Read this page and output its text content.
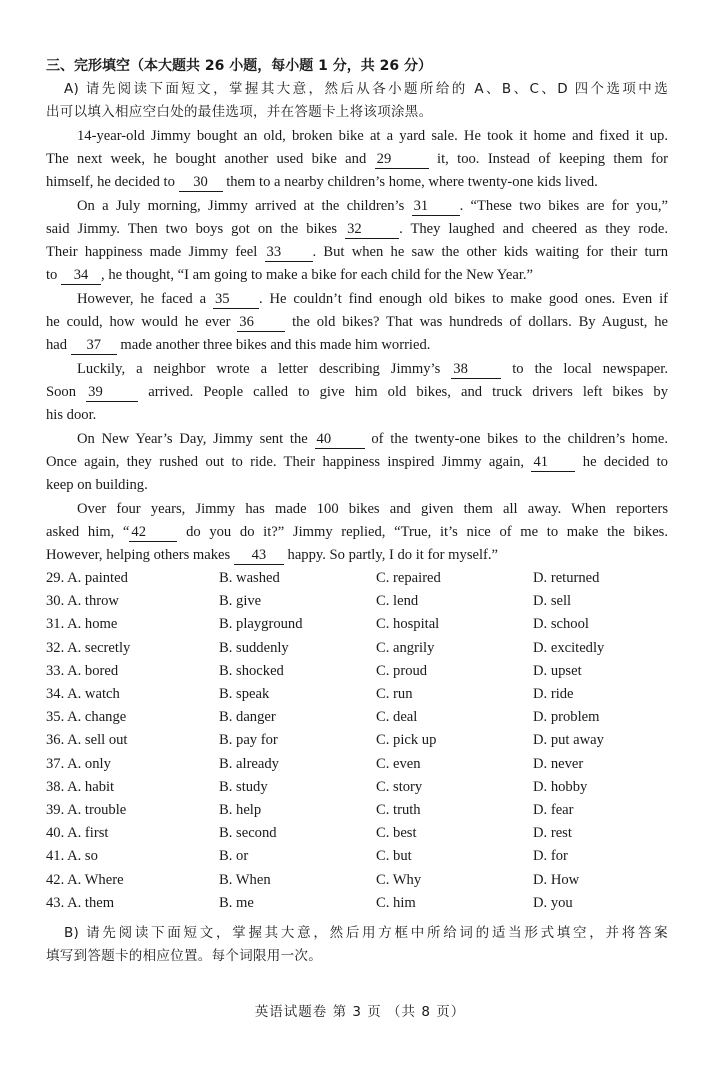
三、完形填空（本大题共 26 小题，每小题 1 分，共 26 分）
A) 请先阅读下面短文，掌握其大意，然后从各小题所给的 A、B、C、D 四个选项中选
出可以填入相应空白处的最佳选项，并在答题卡上将该项涂黑。
14-year-old Jimmy bought an old, broken bike at a yard sale. He took it home and fixed it up.
The next week, he bought another used bike and 29	it, too. Instead of keeping them for
himself, he decided to 30 them to a nearby children’s home, where twenty-one kids lived.
On a July morning, Jimmy arrived at the children’s 31 . “These two bikes are for you,”
said Jimmy. Then two boys got on the bikes 32	. They laughed and cheered as they rode.
Their happiness made Jimmy feel 33 . But when he saw the other kids waiting for their turn
to 34 , he thought, “I am going to make a bike for each child for the New Year.”
However, he faced a 35 . He couldn’t find enough old bikes to make good ones. Even if
he could, how would he ever 36	the old bikes? That was hundreds of dollars. By August, he
had 37 made another three bikes and this made him worried.
Luckily, a neighbor wrote a letter describing Jimmy’s 38	to the local newspaper.
Soon 39	arrived. People called to give him old bikes, and truck drivers left bikes by
his door.
On New Year’s Day, Jimmy sent the 40	of the twenty-one bikes to the children’s home.
Once again, they rushed out to ride. Their happiness inspired Jimmy again, 41 he decided to
keep on building.
Over four years, Jimmy has made 100 bikes and given them all away. When reporters
asked him, “ 42	do you do it?” Jimmy replied, “True, it’s nice of me to make the bikes.
However, helping others makes 43 happy. So partly, I do it for myself.”
29. A. painted	B. washed	C. repaired	D. returned
30. A. throw	B. give	C. lend	D. sell
31. A. home	B. playground	C. hospital	D. school
32. A. secretly	B. suddenly	C. angrily	D. excitedly
33. A. bored	B. shocked	C. proud	D. upset
34. A. watch	B. speak	C. run	D. ride
35. A. change	B. danger	C. deal	D. problem
36. A. sell out	B. pay for	C. pick up	D. put away
37. A. only	B. already	C. even	D. never
38. A. habit	B. study	C. story	D. hobby
39. A. trouble	B. help	C. truth	D. fear
40. A. first	B. second	C. best	D. rest
41. A. so	B. or	C. but	D. for
42. A. Where	B. When	C. Why	D. How
43. A. them	B. me	C. him	D. you
B) 请先阅读下面短文，掌握其大意，然后用方框中所给词的适当形式填空，并将答案
填写到答题卡的相应位置。每个词限用一次。
英语试题卷 第 3 页 （共 8 页）
